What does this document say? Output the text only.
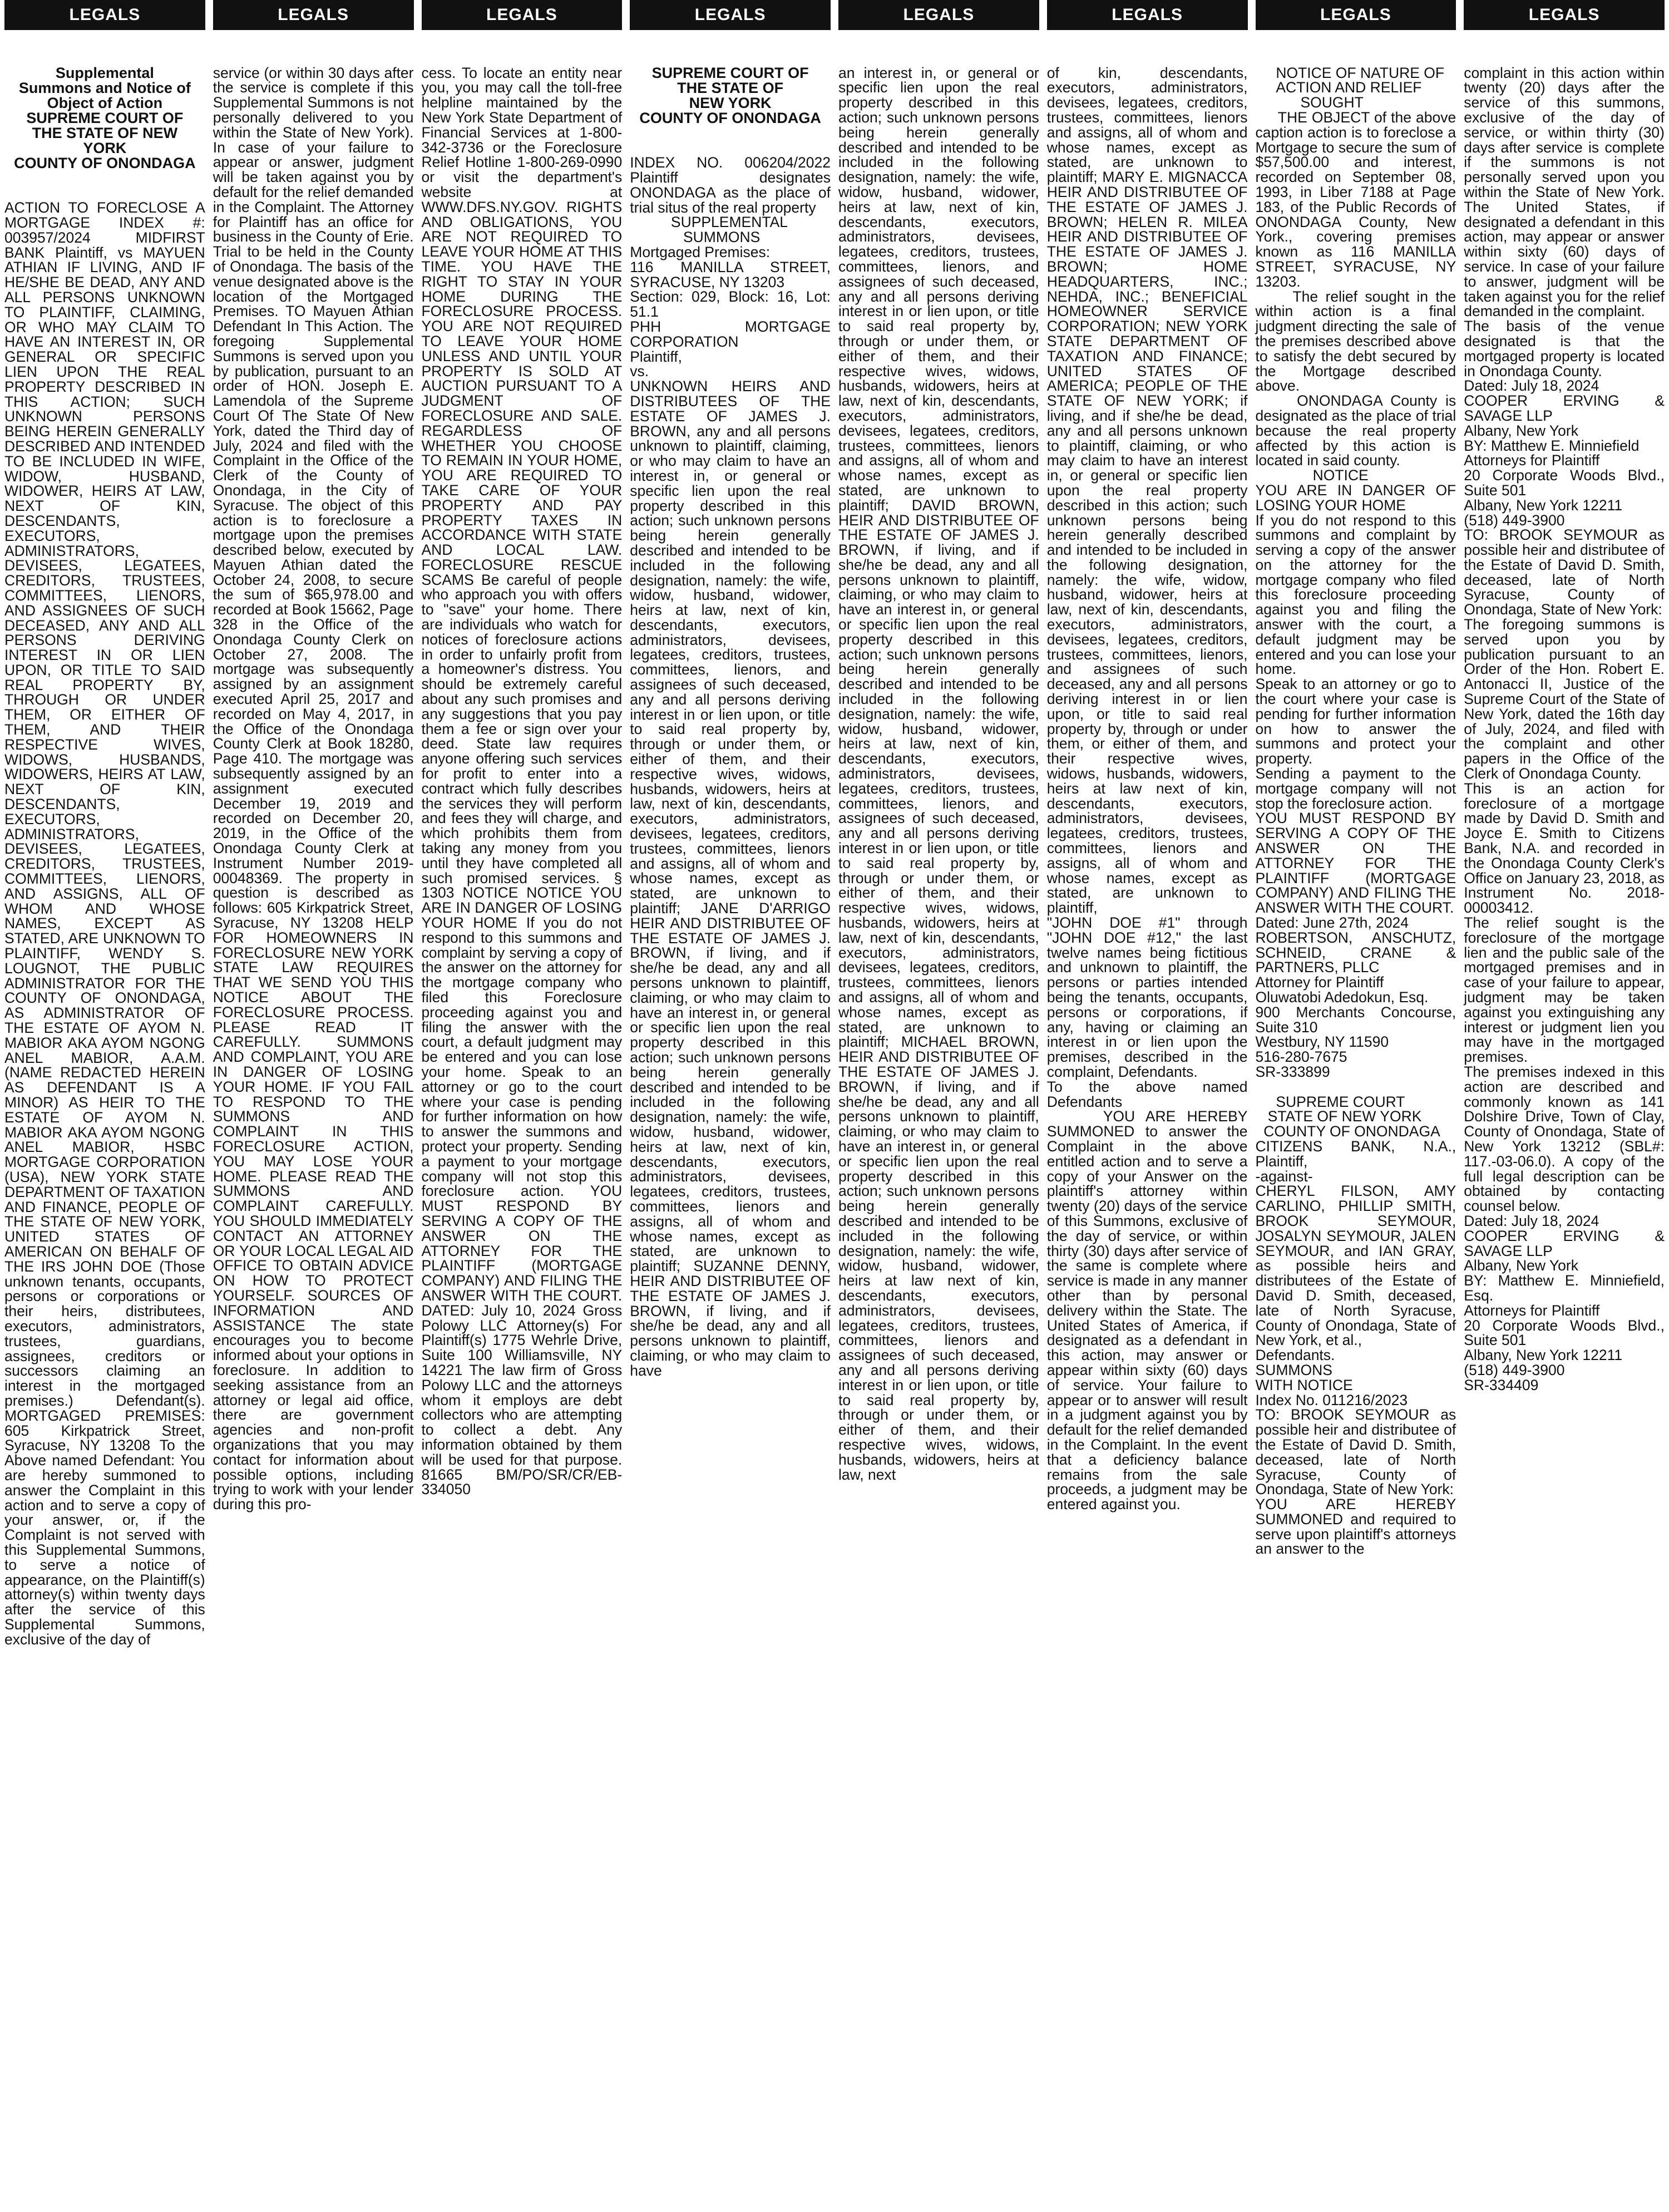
LEGALS

Supplemental
Summons and Notice of
Object of Action
SUPREME COURT OF
THE STATE OF NEW
YORK
COUNTY OF ONONDAGA

ACTION TO FORECLOSE A MORTGAGE INDEX #: 003957/2024 MIDFIRST BANK Plaintiff, vs MAYUEN ATHIAN IF LIVING, AND IF HE/SHE BE DEAD, ANY AND ALL PERSONS UNKNOWN TO PLAINTIFF, CLAIMING, OR WHO MAY CLAIM TO HAVE AN INTEREST IN, OR GENERAL OR SPECIFIC LIEN UPON THE REAL PROPERTY DESCRIBED IN THIS ACTION; SUCH UNKNOWN PERSONS BEING HEREIN GENERALLY DESCRIBED AND INTENDED TO BE INCLUDED IN WIFE, WIDOW, HUSBAND, WIDOWER, HEIRS AT LAW, NEXT OF KIN, DESCENDANTS, EXECUTORS, ADMINISTRATORS, DEVISEES, LEGATEES, CREDITORS, TRUSTEES, COMMITTEES, LIENORS, AND ASSIGNEES OF SUCH DECEASED, ANY AND ALL PERSONS DERIVING INTEREST IN OR LIEN UPON, OR TITLE TO SAID REAL PROPERTY BY, THROUGH OR UNDER THEM, OR EITHER OF THEM, AND THEIR RESPECTIVE WIVES, WIDOWS, HUSBANDS, WIDOWERS, HEIRS AT LAW, NEXT OF KIN, DESCENDANTS, EXECUTORS, ADMINISTRATORS, DEVISEES, LEGATEES, CREDITORS, TRUSTEES, COMMITTEES, LIENORS, AND ASSIGNS, ALL OF WHOM AND WHOSE NAMES, EXCEPT AS STATED, ARE UNKNOWN TO PLAINTIFF, WENDY S. LOUGNOT, THE PUBLIC ADMINISTRATOR FOR THE COUNTY OF ONONDAGA, AS ADMINISTRATOR OF THE ESTATE OF AYOM N. MABIOR AKA AYOM NGONG ANEL MABIOR, A.A.M. (NAME REDACTED HEREIN AS DEFENDANT IS A MINOR) AS HEIR TO THE ESTATE OF AYOM N. MABIOR AKA AYOM NGONG ANEL MABIOR, HSBC MORTGAGE CORPORATION (USA), NEW YORK STATE DEPARTMENT OF TAXATION AND FINANCE, PEOPLE OF THE STATE OF NEW YORK, UNITED STATES OF AMERICAN ON BEHALF OF THE IRS JOHN DOE (Those unknown tenants, occupants, persons or corporations or their heirs, distributees, executors, administrators, trustees, guardians, assignees, creditors or successors claiming an interest in the mortgaged premises.) Defendant(s). MORTGAGED PREMISES: 605 Kirkpatrick Street, Syracuse, NY 13208 To the Above named Defendant: You are hereby summoned to answer the Complaint in this action and to serve a copy of your answer, or, if the Complaint is not served with this Supplemental Summons, to serve a notice of appearance, on the Plaintiff(s) attorney(s) within twenty days after the service of this Supplemental Summons, exclusive of the day of

LEGALS

service (or within 30 days after the service is complete if this Supplemental Summons is not personally delivered to you within the State of New York). In case of your failure to appear or answer, judgment will be taken against you by default for the relief demanded in the Complaint. The Attorney for Plaintiff has an office for business in the County of Erie. Trial to be held in the County of Onondaga. The basis of the venue designated above is the location of the Mortgaged Premises. TO Mayuen Athian Defendant In This Action. The foregoing Supplemental Summons is served upon you by publication, pursuant to an order of HON. Joseph E. Lamendola of the Supreme Court Of The State Of New York, dated the Third day of July, 2024 and filed with the Complaint in the Office of the Clerk of the County of Onondaga, in the City of Syracuse. The object of this action is to foreclosure a mortgage upon the premises described below, executed by Mayuen Athian dated the October 24, 2008, to secure the sum of $65,978.00 and recorded at Book 15662, Page 328 in the Office of the Onondaga County Clerk on October 27, 2008. The mortgage was subsequently assigned by an assignment executed April 25, 2017 and recorded on May 4, 2017, in the Office of the Onondaga County Clerk at Book 18280, Page 410. The mortgage was subsequently assigned by an assignment executed December 19, 2019 and recorded on December 20, 2019, in the Office of the Onondaga County Clerk at Instrument Number 2019-00048369. The property in question is described as follows: 605 Kirkpatrick Street, Syracuse, NY 13208 HELP FOR HOMEOWNERS IN FORECLOSURE NEW YORK STATE LAW REQUIRES THAT WE SEND YOU THIS NOTICE ABOUT THE FORECLOSURE PROCESS. PLEASE READ IT CAREFULLY. SUMMONS AND COMPLAINT, YOU ARE IN DANGER OF LOSING YOUR HOME. IF YOU FAIL TO RESPOND TO THE SUMMONS AND COMPLAINT IN THIS FORECLOSURE ACTION, YOU MAY LOSE YOUR HOME. PLEASE READ THE SUMMONS AND COMPLAINT CAREFULLY. YOU SHOULD IMMEDIATELY CONTACT AN ATTORNEY OR YOUR LOCAL LEGAL AID OFFICE TO OBTAIN ADVICE ON HOW TO PROTECT YOURSELF. SOURCES OF INFORMATION AND ASSISTANCE The state encourages you to become informed about your options in foreclosure. In addition to seeking assistance from an attorney or legal aid office, there are government agencies and non-profit organizations that you may contact for information about possible options, including trying to work with your lender during this pro-

LEGALS

cess. To locate an entity near you, you may call the toll-free helpline maintained by the New York State Department of Financial Services at 1-800-342-3736 or the Foreclosure Relief Hotline 1-800-269-0990 or visit the department's website at WWW.DFS.NY.GOV. RIGHTS AND OBLIGATIONS, YOU ARE NOT REQUIRED TO LEAVE YOUR HOME AT THIS TIME. YOU HAVE THE RIGHT TO STAY IN YOUR HOME DURING THE FORECLOSURE PROCESS. YOU ARE NOT REQUIRED TO LEAVE YOUR HOME UNLESS AND UNTIL YOUR PROPERTY IS SOLD AT AUCTION PURSUANT TO A JUDGMENT OF FORECLOSURE AND SALE. REGARDLESS OF WHETHER YOU CHOOSE TO REMAIN IN YOUR HOME, YOU ARE REQUIRED TO TAKE CARE OF YOUR PROPERTY AND PAY PROPERTY TAXES IN ACCORDANCE WITH STATE AND LOCAL LAW. FORECLOSURE RESCUE SCAMS Be careful of people who approach you with offers to "save" your home. There are individuals who watch for notices of foreclosure actions in order to unfairly profit from a homeowner's distress. You should be extremely careful about any such promises and any suggestions that you pay them a fee or sign over your deed. State law requires anyone offering such services for profit to enter into a contract which fully describes the services they will perform and fees they will charge, and which prohibits them from taking any money from you until they have completed all such promised services. § 1303 NOTICE NOTICE YOU ARE IN DANGER OF LOSING YOUR HOME If you do not respond to this summons and complaint by serving a copy of the answer on the attorney for the mortgage company who filed this Foreclosure proceeding against you and filing the answer with the court, a default judgment may be entered and you can lose your home. Speak to an attorney or go to the court where your case is pending for further information on how to answer the summons and protect your property. Sending a payment to your mortgage company will not stop this foreclosure action. YOU MUST RESPOND BY SERVING A COPY OF THE ANSWER ON THE ATTORNEY FOR THE PLAINTIFF (MORTGAGE COMPANY) AND FILING THE ANSWER WITH THE COURT. DATED: July 10, 2024 Gross Polowy LLC Attorney(s) For Plaintiff(s) 1775 Wehrle Drive, Suite 100 Williamsville, NY 14221 The law firm of Gross Polowy LLC and the attorneys whom it employs are debt collectors who are attempting to collect a debt. Any information obtained by them will be used for that purpose. 81665 BM/PO/SR/CR/EB-334050

LEGALS

SUPREME COURT OF
THE STATE OF
NEW YORK
COUNTY OF ONONDAGA

INDEX NO. 006204/2022 Plaintiff designates ONONDAGA as the place of trial situs of the real property
SUPPLEMENTAL
SUMMONS
Mortgaged Premises:
116 MANILLA STREET, SYRACUSE, NY 13203
Section: 029, Block: 16, Lot: 51.1
PHH MORTGAGE CORPORATION
Plaintiff,
vs.
UNKNOWN HEIRS AND DISTRIBUTEES OF THE ESTATE OF JAMES J. BROWN, any and all persons unknown to plaintiff, claiming, or who may claim to have an interest in, or general or specific lien upon the real property described in this action; such unknown persons being herein generally described and intended to be included in the following designation, namely: the wife, widow, husband, widower, heirs at law, next of kin, descendants, executors, administrators, devisees, legatees, creditors, trustees, committees, lienors, and assignees of such deceased, any and all persons deriving interest in or lien upon, or title to said real property by, through or under them, or either of them, and their respective wives, widows, husbands, widowers, heirs at law, next of kin, descendants, executors, administrators, devisees, legatees, creditors, trustees, committees, lienors and assigns, all of whom and whose names, except as stated, are unknown to plaintiff; JANE D'ARRIGO HEIR AND DISTRIBUTEE OF THE ESTATE OF JAMES J. BROWN, if living, and if she/he be dead, any and all persons unknown to plaintiff, claiming, or who may claim to have an interest in, or general or specific lien upon the real property described in this action; such unknown persons being herein generally described and intended to be included in the following designation, namely: the wife, widow, husband, widower, heirs at law, next of kin, descendants, executors, administrators, devisees, legatees, creditors, trustees, committees, lienors and assigns, all of whom and whose names, except as stated, are unknown to plaintiff; SUZANNE DENNY, HEIR AND DISTRIBUTEE OF THE ESTATE OF JAMES J. BROWN, if living, and if she/he be dead, any and all persons unknown to plaintiff, claiming, or who may claim to have

LEGALS

an interest in, or general or specific lien upon the real property described in this action; such unknown persons being herein generally described and intended to be included in the following designation, namely: the wife, widow, husband, widower, heirs at law, next of kin, descendants, executors, administrators, devisees, legatees, creditors, trustees, committees, lienors, and assignees of such deceased, any and all persons deriving interest in or lien upon, or title to said real property by, through or under them, or either of them, and their respective wives, widows, husbands, widowers, heirs at law, next of kin, descendants, executors, administrators, devisees, legatees, creditors, trustees, committees, lienors and assigns, all of whom and whose names, except as stated, are unknown to plaintiff; DAVID BROWN, HEIR AND DISTRIBUTEE OF THE ESTATE OF JAMES J. BROWN, if living, and if she/he be dead, any and all persons unknown to plaintiff, claiming, or who may claim to have an interest in, or general or specific lien upon the real property described in this action; such unknown persons being herein generally described and intended to be included in the following designation, namely: the wife, widow, husband, widower, heirs at law, next of kin, descendants, executors, administrators, devisees, legatees, creditors, trustees, committees, lienors, and assignees of such deceased, any and all persons deriving interest in or lien upon, or title to said real property by, through or under them, or either of them, and their respective wives, widows, husbands, widowers, heirs at law, next of kin, descendants, executors, administrators, devisees, legatees, creditors, trustees, committees, lienors and assigns, all of whom and whose names, except as stated, are unknown to plaintiff; MICHAEL BROWN, HEIR AND DISTRIBUTEE OF THE ESTATE OF JAMES J. BROWN, if living, and if she/he be dead, any and all persons unknown to plaintiff, claiming, or who may claim to have an interest in, or general or specific lien upon the real property described in this action; such unknown persons being herein generally described and intended to be included in the following designation, namely: the wife, widow, husband, widower, heirs at law next of kin, descendants, executors, administrators, devisees, legatees, creditors, trustees, committees, lienors and assignees of such deceased, any and all persons deriving interest in or lien upon, or title to said real property by, through or under them, or either of them, and their respective wives, widows, husbands, widowers, heirs at law, next

LEGALS

of kin, descendants, executors, administrators, devisees, legatees, creditors, trustees, committees, lienors and assigns, all of whom and whose names, except as stated, are unknown to plaintiff; MARY E. MIGNACCA HEIR AND DISTRIBUTEE OF THE ESTATE OF JAMES J. BROWN; HELEN R. MILEA HEIR AND DISTRIBUTEE OF THE ESTATE OF JAMES J. BROWN; HOME HEADQUARTERS, INC.; NEHDA, INC.; BENEFICIAL HOMEOWNER SERVICE CORPORATION; NEW YORK STATE DEPARTMENT OF TAXATION AND FINANCE; UNITED STATES OF AMERICA; PEOPLE OF THE STATE OF NEW YORK; if living, and if she/he be dead, any and all persons unknown to plaintiff, claiming, or who may claim to have an interest in, or general or specific lien upon the real property described in this action; such unknown persons being herein generally described and intended to be included in the following designation, namely: the wife, widow, husband, widower, heirs at law, next of kin, descendants, executors, administrators, devisees, legatees, creditors, trustees, committees, lienors, and assignees of such deceased, any and all persons deriving interest in or lien upon, or title to said real property by, through or under them, or either of them, and their respective wives, widows, husbands, widowers, heirs at law next of kin, descendants, executors, administrators, devisees, legatees, creditors, trustees, committees, lienors and assigns, all of whom and whose names, except as stated, are unknown to plaintiff,
"JOHN DOE #1" through "JOHN DOE #12," the last twelve names being fictitious and unknown to plaintiff, the persons or parties intended being the tenants, occupants, persons or corporations, if any, having or claiming an interest in or lien upon the premises, described in the complaint, Defendants.
To the above named Defendants
YOU ARE HEREBY SUMMONED to answer the Complaint in the above entitled action and to serve a copy of your Answer on the plaintiff's attorney within twenty (20) days of the service of this Summons, exclusive of the day of service, or within thirty (30) days after service of the same is complete where service is made in any manner other than by personal delivery within the State. The United States of America, if designated as a defendant in this action, may answer or appear within sixty (60) days of service. Your failure to appear or to answer will result in a judgment against you by default for the relief demanded in the Complaint. In the event that a deficiency balance remains from the sale proceeds, a judgment may be entered against you.

LEGALS

NOTICE OF NATURE OF
ACTION AND RELIEF
SOUGHT
THE OBJECT of the above caption action is to foreclose a Mortgage to secure the sum of $57,500.00 and interest, recorded on September 08, 1993, in Liber 7188 at Page 183, of the Public Records of ONONDAGA County, New York., covering premises known as 116 MANILLA STREET, SYRACUSE, NY 13203.
The relief sought in the within action is a final judgment directing the sale of the premises described above to satisfy the debt secured by the Mortgage described above.
ONONDAGA County is designated as the place of trial because the real property affected by this action is located in said county.
NOTICE
YOU ARE IN DANGER OF LOSING YOUR HOME
If you do not respond to this summons and complaint by serving a copy of the answer on the attorney for the mortgage company who filed this foreclosure proceeding against you and filing the answer with the court, a default judgment may be entered and you can lose your home.
Speak to an attorney or go to the court where your case is pending for further information on how to answer the summons and protect your property.
Sending a payment to the mortgage company will not stop the foreclosure action.
YOU MUST RESPOND BY SERVING A COPY OF THE ANSWER ON THE ATTORNEY FOR THE PLAINTIFF (MORTGAGE COMPANY) AND FILING THE ANSWER WITH THE COURT.
Dated: June 27th, 2024
ROBERTSON, ANSCHUTZ, SCHNEID, CRANE & PARTNERS, PLLC
Attorney for Plaintiff
Oluwatobi Adedokun, Esq.
900 Merchants Concourse, Suite 310
Westbury, NY 11590
516-280-7675
SR-333899

SUPREME COURT
STATE OF NEW YORK
COUNTY OF ONONDAGA
CITIZENS BANK, N.A., Plaintiff,
-against-
CHERYL FILSON, AMY CARLINO, PHILLIP SMITH, BROOK SEYMOUR, JOSALYN SEYMOUR, JALEN SEYMOUR, and IAN GRAY, as possible heirs and distributees of the Estate of David D. Smith, deceased, late of North Syracuse, County of Onondaga, State of New York, et al.,
Defendants.
SUMMONS
WITH NOTICE
Index No. 011216/2023
TO: BROOK SEYMOUR as possible heir and distributee of the Estate of David D. Smith, deceased, late of North Syracuse, County of Onondaga, State of New York:
YOU ARE HEREBY SUMMONED and required to serve upon plaintiff's attorneys an answer to the

LEGALS

complaint in this action within twenty (20) days after the service of this summons, exclusive of the day of service, or within thirty (30) days after service is complete if the summons is not personally served upon you within the State of New York. The United States, if designated a defendant in this action, may appear or answer within sixty (60) days of service. In case of your failure to answer, judgment will be taken against you for the relief demanded in the complaint.
The basis of the venue designated is that the mortgaged property is located in Onondaga County.
Dated: July 18, 2024
COOPER ERVING & SAVAGE LLP
Albany, New York
BY: Matthew E. Minniefield
Attorneys for Plaintiff
20 Corporate Woods Blvd., Suite 501
Albany, New York 12211
(518) 449-3900
TO: BROOK SEYMOUR as possible heir and distributee of the Estate of David D. Smith, deceased, late of North Syracuse, County of Onondaga, State of New York:
The foregoing summons is served upon you by publication pursuant to an Order of the Hon. Robert E. Antonacci II, Justice of the Supreme Court of the State of New York, dated the 16th day of July, 2024, and filed with the complaint and other papers in the Office of the Clerk of Onondaga County.
This is an action for foreclosure of a mortgage made by David D. Smith and Joyce E. Smith to Citizens Bank, N.A. and recorded in the Onondaga County Clerk's Office on January 23, 2018, as Instrument No. 2018-00003412.
The relief sought is the foreclosure of the mortgage lien and the public sale of the mortgaged premises and in case of your failure to appear, judgment may be taken against you extinguishing any interest or judgment lien you may have in the mortgaged premises.
The premises indexed in this action are described and commonly known as 141 Dolshire Drive, Town of Clay, County of Onondaga, State of New York 13212 (SBL#: 117.-03-06.0). A copy of the full legal description can be obtained by contacting counsel below.
Dated: July 18, 2024
COOPER ERVING & SAVAGE LLP
Albany, New York
BY: Matthew E. Minniefield, Esq.
Attorneys for Plaintiff
20 Corporate Woods Blvd., Suite 501
Albany, New York 12211
(518) 449-3900
SR-334409
